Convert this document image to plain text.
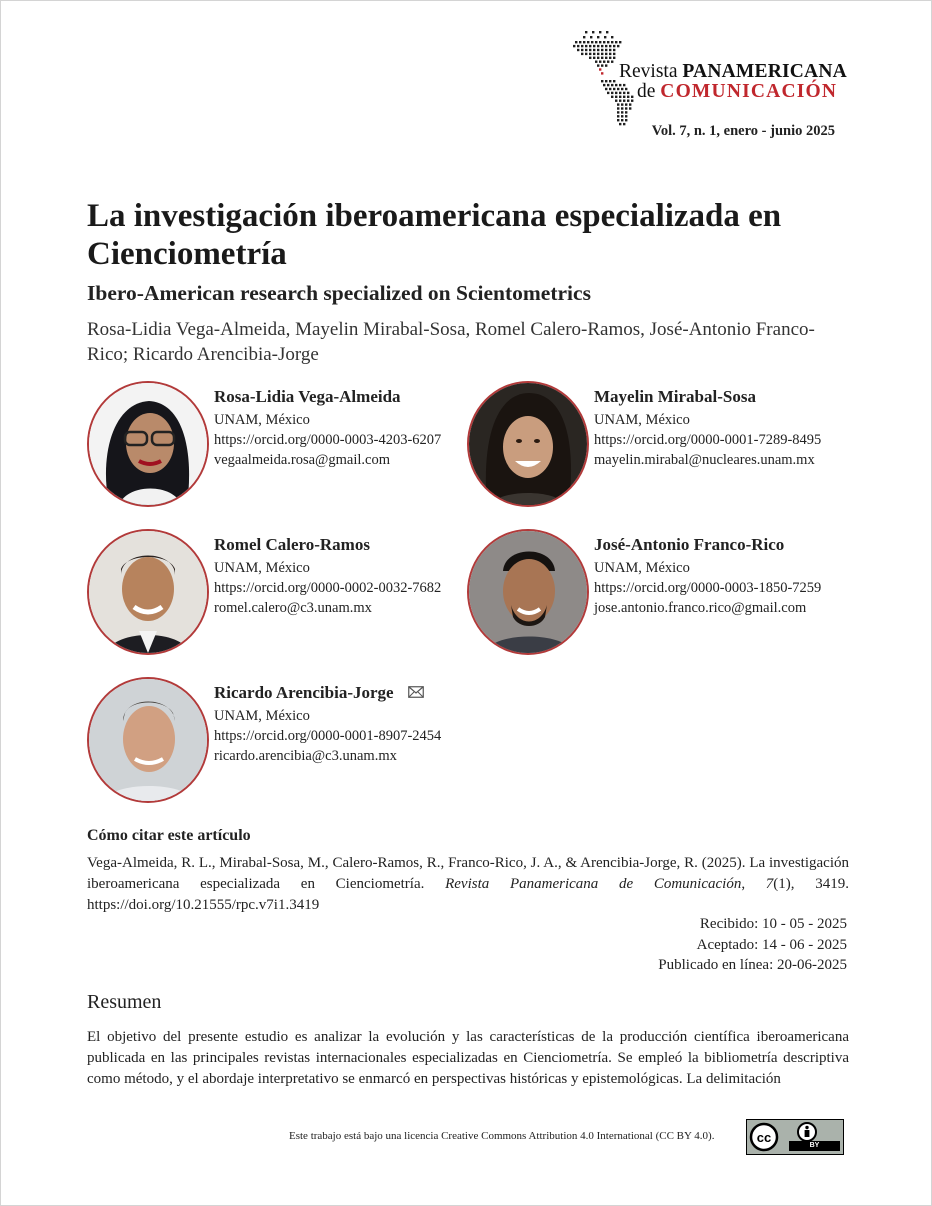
Revista PANAMERICANA
de COMUNICACIÓN
Vol. 7, n. 1, enero - junio 2025
La investigación iberoamericana especializada en Cienciometría
Ibero-American research specialized on Scientometrics
Rosa-Lidia Vega-Almeida, Mayelin Mirabal-Sosa, Romel Calero-Ramos, José-Antonio Franco-Rico; Ricardo Arencibia-Jorge
Rosa-Lidia Vega-Almeida
UNAM, México
https://orcid.org/0000-0003-4203-6207
vegaalmeida.rosa@gmail.com
Mayelin Mirabal-Sosa
UNAM, México
https://orcid.org/0000-0001-7289-8495
mayelin.mirabal@nucleares.unam.mx
Romel Calero-Ramos
UNAM, México
https://orcid.org/0000-0002-0032-7682
romel.calero@c3.unam.mx
José-Antonio Franco-Rico
UNAM, México
https://orcid.org/0000-0003-1850-7259
jose.antonio.franco.rico@gmail.com
Ricardo Arencibia-Jorge
UNAM, México
https://orcid.org/0000-0001-8907-2454
ricardo.arencibia@c3.unam.mx
Cómo citar este artículo
Vega-Almeida, R. L., Mirabal-Sosa, M., Calero-Ramos, R., Franco-Rico, J. A., & Arencibia-Jorge, R. (2025). La investigación iberoamericana especializada en Cienciometría. Revista Panamericana de Comunicación, 7(1), 3419. https://doi.org/10.21555/rpc.v7i1.3419
Recibido: 10 - 05 - 2025
Aceptado: 14 - 06 - 2025
Publicado en línea: 20-06-2025
Resumen
El objetivo del presente estudio es analizar la evolución y las características de la producción científica iberoamericana publicada en las principales revistas internacionales especializadas en Cienciometría. Se empleó la bibliometría descriptiva como método, y el abordaje interpretativo se enmarcó en perspectivas históricas y epistemológicas. La delimitación
Este trabajo está bajo una licencia Creative Commons Attribution 4.0 International (CC BY 4.0).	cc
BY
